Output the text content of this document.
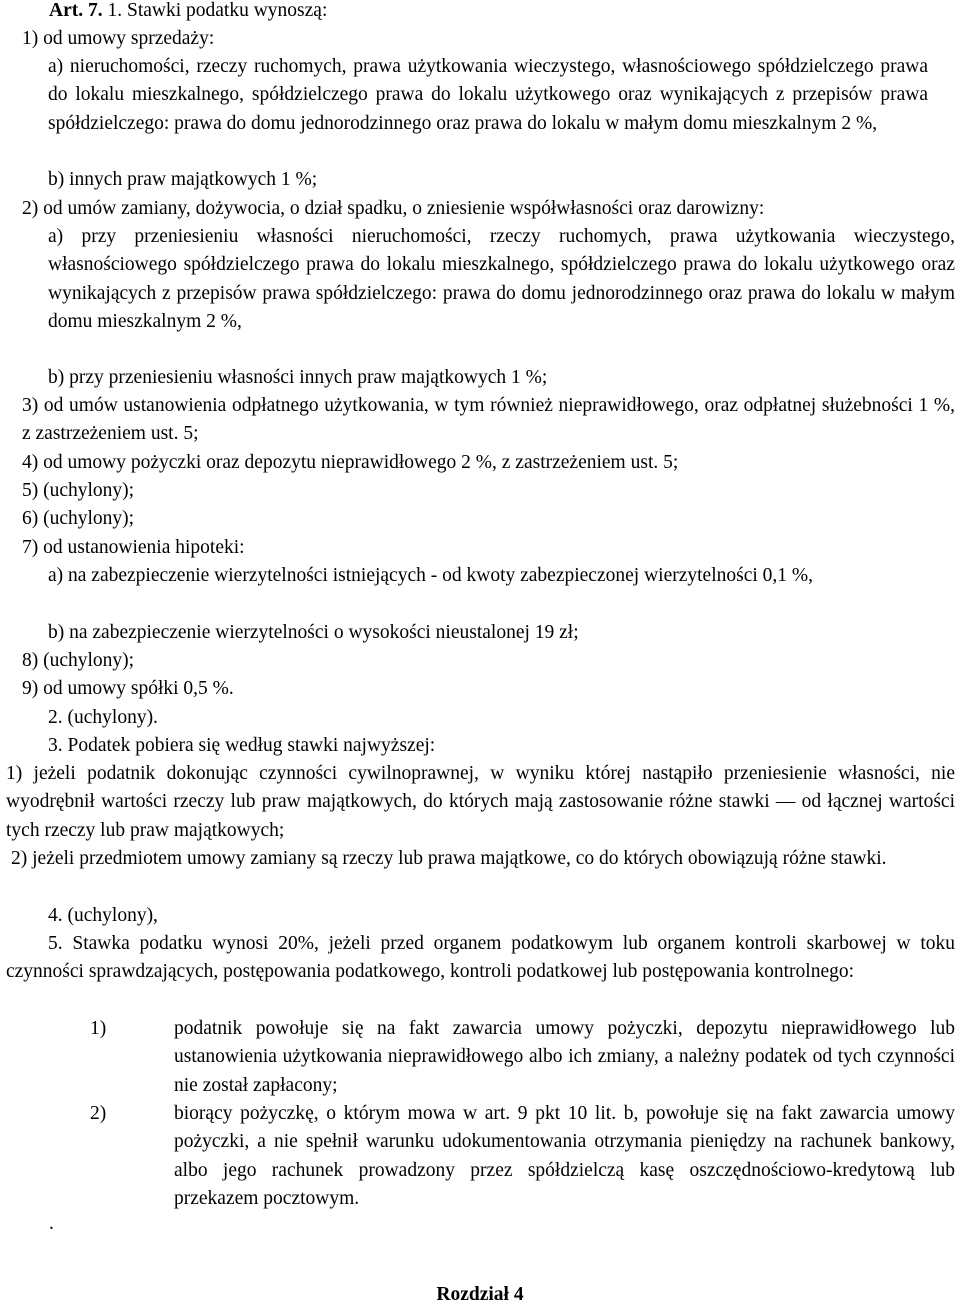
Art. 7. 1. Stawki podatku wynoszą:
1) od umowy sprzedaży:
a) nieruchomości, rzeczy ruchomych, prawa użytkowania wieczystego, własnościowego spółdzielczego prawa do lokalu mieszkalnego, spółdzielczego prawa do lokalu użytkowego oraz wynikających z przepisów prawa spółdzielczego: prawa do domu jednorodzinnego oraz prawa do lokalu w małym domu mieszkalnym 2 %,
b) innych praw majątkowych 1 %;
2) od umów zamiany, dożywocia, o dział spadku, o zniesienie współwłasności oraz darowizny:
a) przy przeniesieniu własności nieruchomości, rzeczy ruchomych, prawa użytkowania wieczystego, własnościowego spółdzielczego prawa do lokalu mieszkalnego, spółdzielczego prawa do lokalu użytkowego oraz wynikających z przepisów prawa spółdzielczego: prawa do domu jednorodzinnego oraz prawa do lokalu w małym domu mieszkalnym 2 %,
b) przy przeniesieniu własności innych praw majątkowych 1 %;
3) od umów ustanowienia odpłatnego użytkowania, w tym również nieprawidłowego, oraz odpłatnej służebności 1 %, z zastrzeżeniem ust. 5;
4) od umowy pożyczki oraz depozytu nieprawidłowego 2 %, z zastrzeżeniem ust. 5;
5) (uchylony);
6) (uchylony);
7) od ustanowienia hipoteki:
a) na zabezpieczenie wierzytelności istniejących - od kwoty zabezpieczonej wierzytelności 0,1 %,
b) na zabezpieczenie wierzytelności o wysokości nieustalonej 19 zł;
8) (uchylony);
9) od umowy spółki 0,5 %.
2. (uchylony).
3. Podatek pobiera się według stawki najwyższej:
1) jeżeli podatnik dokonując czynności cywilnoprawnej, w wyniku której nastąpiło przeniesienie własności, nie wyodrębnił wartości rzeczy lub praw majątkowych, do których mają zastosowanie różne stawki — od łącznej wartości tych rzeczy lub praw majątkowych;
2) jeżeli przedmiotem umowy zamiany są rzeczy lub prawa majątkowe, co do których obowiązują różne stawki.
4. (uchylony),
5. Stawka podatku wynosi 20%, jeżeli przed organem podatkowym lub organem kontroli skarbowej w toku czynności sprawdzających, postępowania podatkowego, kontroli podatkowej lub postępowania kontrolnego:
1)	podatnik powołuje się na fakt zawarcia umowy pożyczki, depozytu nieprawidłowego lub ustanowienia użytkowania nieprawidłowego albo ich zmiany, a należny podatek od tych czynności nie został zapłacony;
2)	biorący pożyczkę, o którym mowa w art. 9 pkt 10 lit. b, powołuje się na fakt zawarcia umowy pożyczki, a nie spełnił warunku udokumentowania otrzymania pieniędzy na rachunek bankowy, albo jego rachunek prowadzony przez spółdzielczą kasę oszczędnościowo-kredytową lub przekazem pocztowym.
.
Rozdział 4
